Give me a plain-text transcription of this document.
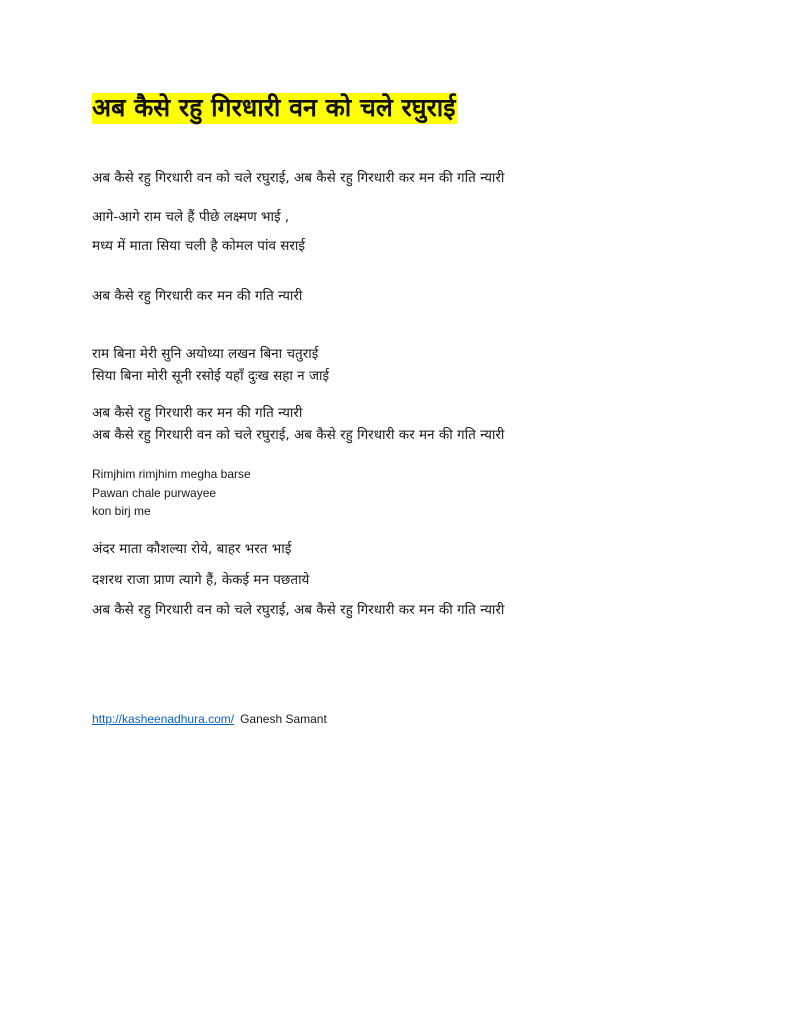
अब कैसे रहु गिरधारी वन को चले रघुराई

अब कैसे रहु गिरधारी वन को चले रघुराई, अब कैसे रहु गिरधारी कर मन की गति न्यारी

आगे-आगे राम चले हैं पीछे लक्ष्मण भाई ,

मध्य में माता सिया चली है कोमल पांव सराई

अब कैसे रहु गिरधारी कर मन की गति न्यारी

राम बिना मेरी सुनि अयोध्या लखन बिना चतुराई

सिया बिना मोरी सूनी रसोई यहाँ दुःख सहा न जाई

अब कैसे रहु गिरधारी कर मन की गति न्यारी

अब कैसे रहु गिरधारी वन को चले रघुराई, अब कैसे रहु गिरधारी कर मन की गति न्यारी

Rimjhim rimjhim megha barse

Pawan chale purwayee

kon birj me

अंदर माता कौशल्या रोये, बाहर भरत भाई

दशरथ राजा प्राण त्यागे हैं, केकई मन पछताये

अब कैसे रहु गिरधारी वन को चले रघुराई, अब कैसे रहु गिरधारी कर मन की गति न्यारी

http://kasheenadhura.com/ Ganesh Samant
